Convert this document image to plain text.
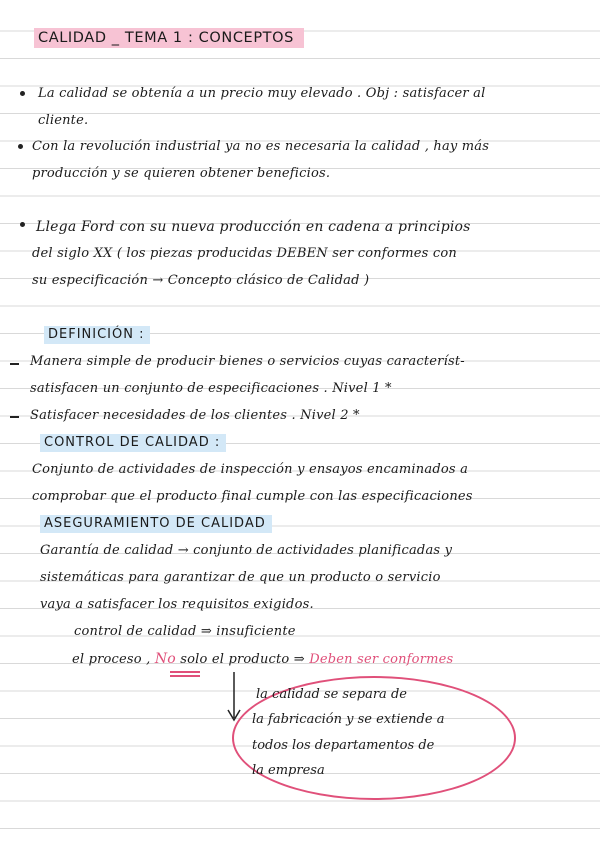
CALIDAD _ TEMA 1 : CONCEPTOS
La calidad se obtenía a un precio muy elevado . Obj : satisfacer al
cliente.
Con la revolución industrial ya no es necesaria la calidad , hay más
producción y se quieren obtener beneficios.
Llega Ford con su nueva producción en cadena a principios
del siglo XX ( los piezas producidas DEBEN ser conformes con
su especificación → Concepto clásico de Calidad )
DEFINICIÓN :
Manera simple de producir bienes o servicios cuyas característ-
satisfacen un conjunto de especificaciones . Nivel 1 *
Satisfacer necesidades de los clientes . Nivel 2 *
CONTROL DE CALIDAD :
Conjunto de actividades de inspección y ensayos encaminados a
comprobar que el producto final cumple con las especificaciones
ASEGURAMIENTO DE CALIDAD
Garantía de calidad → conjunto de actividades planificadas y
sistemáticas para garantizar de que un producto o servicio
vaya a satisfacer los requisitos exigidos.
control de calidad ⇒ insuficiente
el proceso , No solo el producto ⇒ Deben ser conformes
la calidad se separa de
la fabricación y se extiende a
todos los departamentos de
la empresa
